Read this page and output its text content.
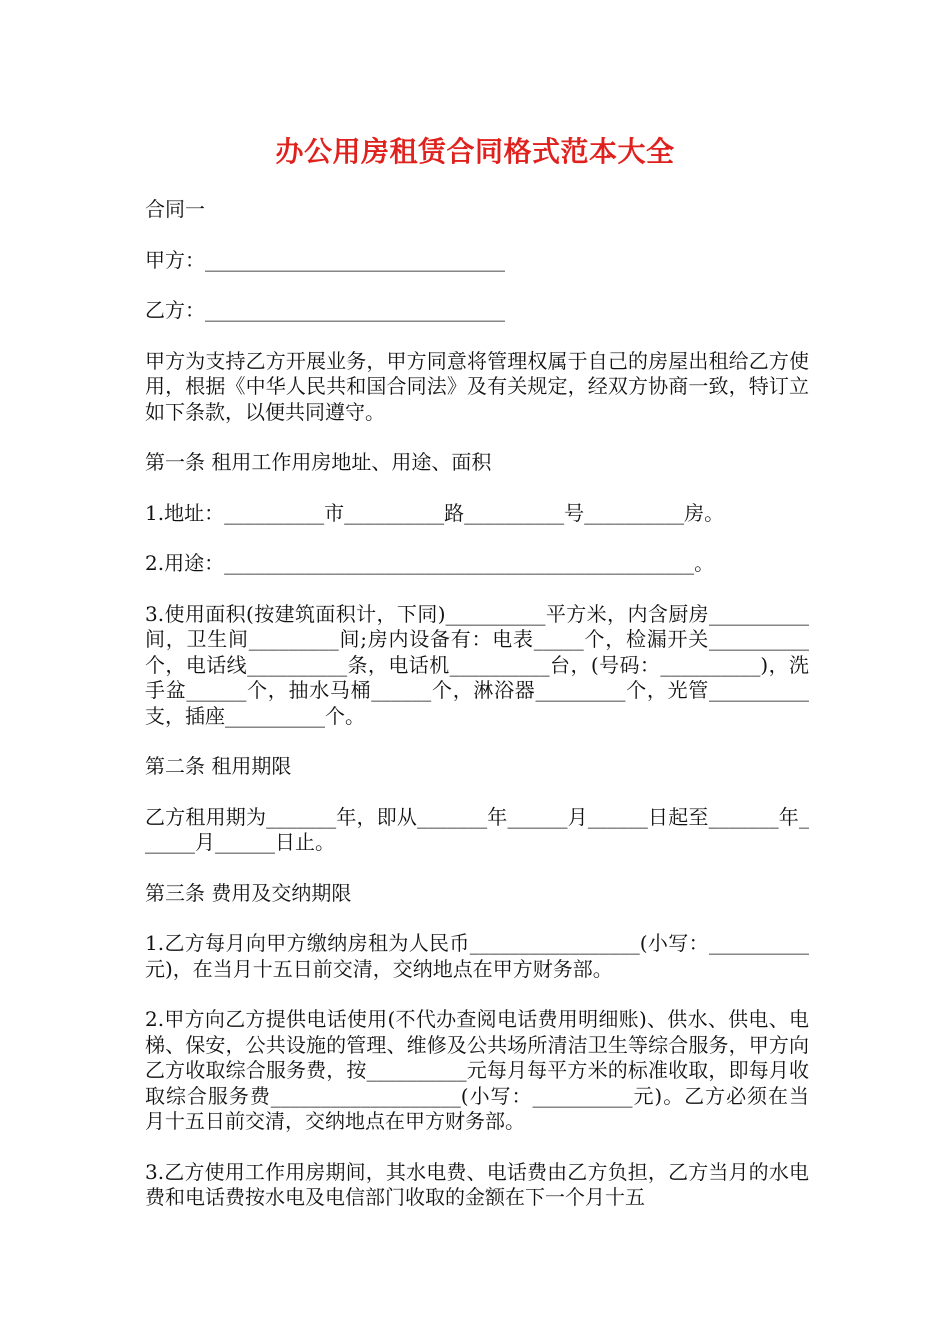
办公用房租赁合同格式范本大全

合同一

甲方：______________________________

乙方：______________________________

甲方为支持乙方开展业务，甲方同意将管理权属于自己的房屋出租给乙方使用，根据《中华人民共和国合同法》及有关规定，经双方协商一致，特订立如下条款，以便共同遵守。

第一条 租用工作用房地址、用途、面积

1.地址：__________市__________路__________号__________房。

2.用途：_______________________________________________。

3.使用面积(按建筑面积计，下同)__________平方米，内含厨房__________间，卫生间_________间;房内设备有：电表_____个，检漏开关__________个，电话线__________条，电话机__________台，(号码：__________)，洗手盆______个，抽水马桶______个，淋浴器_________个，光管__________支，插座__________个。

第二条 租用期限

乙方租用期为_______年，即从_______年______月______日起至_______年______月______日止。

第三条 费用及交纳期限

1.乙方每月向甲方缴纳房租为人民币_________________(小写：__________元)，在当月十五日前交清，交纳地点在甲方财务部。

2.甲方向乙方提供电话使用(不代办查阅电话费用明细账)、供水、供电、电梯、保安，公共设施的管理、维修及公共场所清洁卫生等综合服务，甲方向乙方收取综合服务费，按__________元每月每平方米的标准收取，即每月收取综合服务费___________________(小写：__________元)。乙方必须在当月十五日前交清，交纳地点在甲方财务部。

3.乙方使用工作用房期间，其水电费、电话费由乙方负担，乙方当月的水电费和电话费按水电及电信部门收取的金额在下一个月十五
